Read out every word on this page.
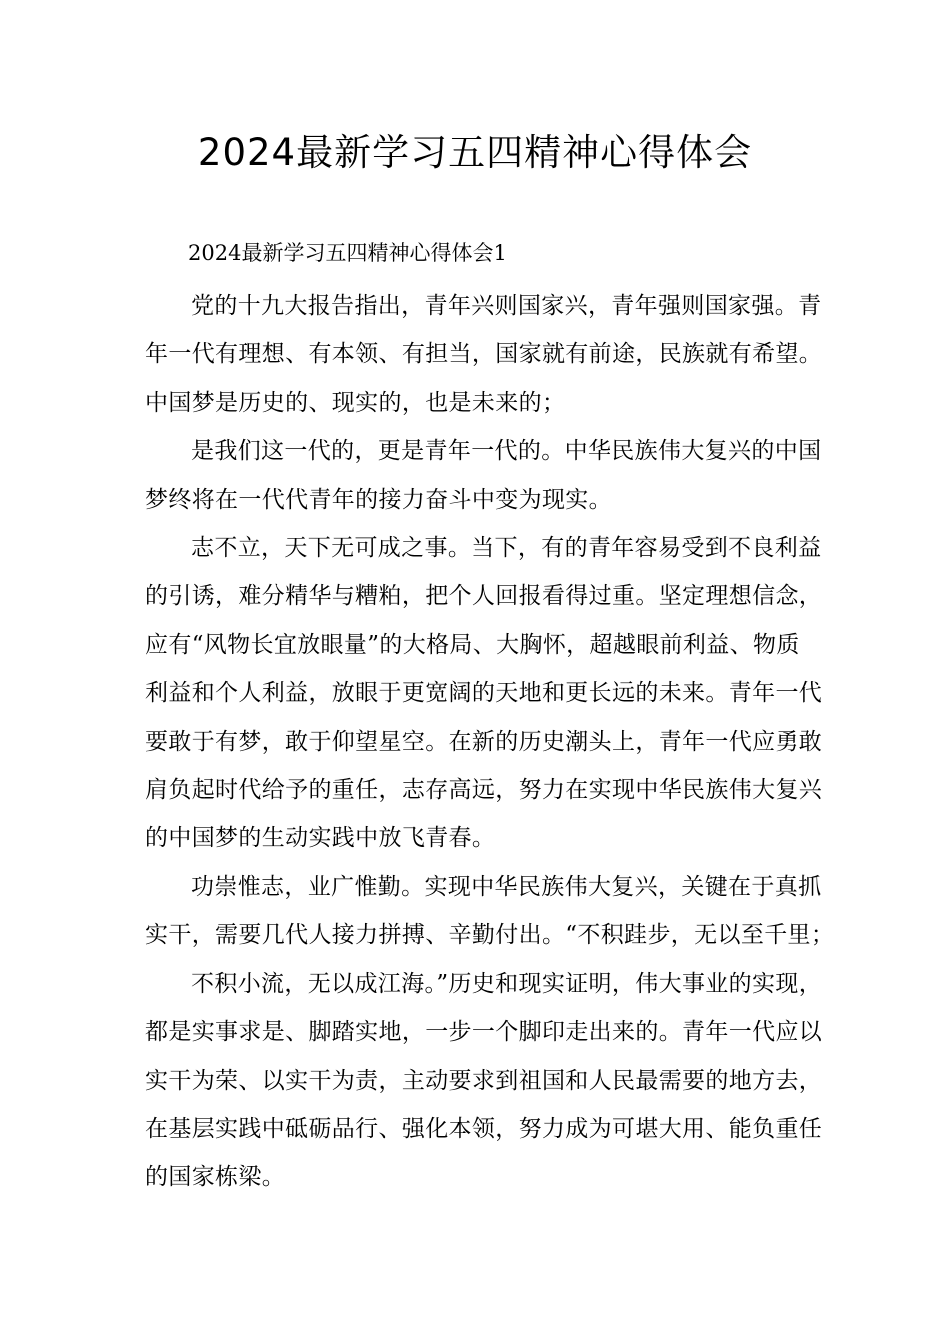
2024最新学习五四精神心得体会
2024最新学习五四精神心得体会1

党的十九大报告指出，青年兴则国家兴，青年强则国家强。青
年一代有理想、有本领、有担当，国家就有前途，民族就有希望。
中国梦是历史的、现实的，也是未来的；

是我们这一代的，更是青年一代的。中华民族伟大复兴的中国
梦终将在一代代青年的接力奋斗中变为现实。

志不立，天下无可成之事。当下，有的青年容易受到不良利益
的引诱，难分精华与糟粕，把个人回报看得过重。坚定理想信念，
应有“风物长宜放眼量”的大格局、大胸怀，超越眼前利益、物质
利益和个人利益，放眼于更宽阔的天地和更长远的未来。青年一代
要敢于有梦，敢于仰望星空。在新的历史潮头上，青年一代应勇敢
肩负起时代给予的重任，志存高远，努力在实现中华民族伟大复兴
的中国梦的生动实践中放飞青春。

功崇惟志，业广惟勤。实现中华民族伟大复兴，关键在于真抓
实干，需要几代人接力拼搏、辛勤付出。“不积跬步，无以至千里；

不积小流，无以成江海。”历史和现实证明，伟大事业的实现，
都是实事求是、脚踏实地，一步一个脚印走出来的。青年一代应以
实干为荣、以实干为责，主动要求到祖国和人民最需要的地方去，
在基层实践中砥砺品行、强化本领，努力成为可堪大用、能负重任
的国家栋梁。
